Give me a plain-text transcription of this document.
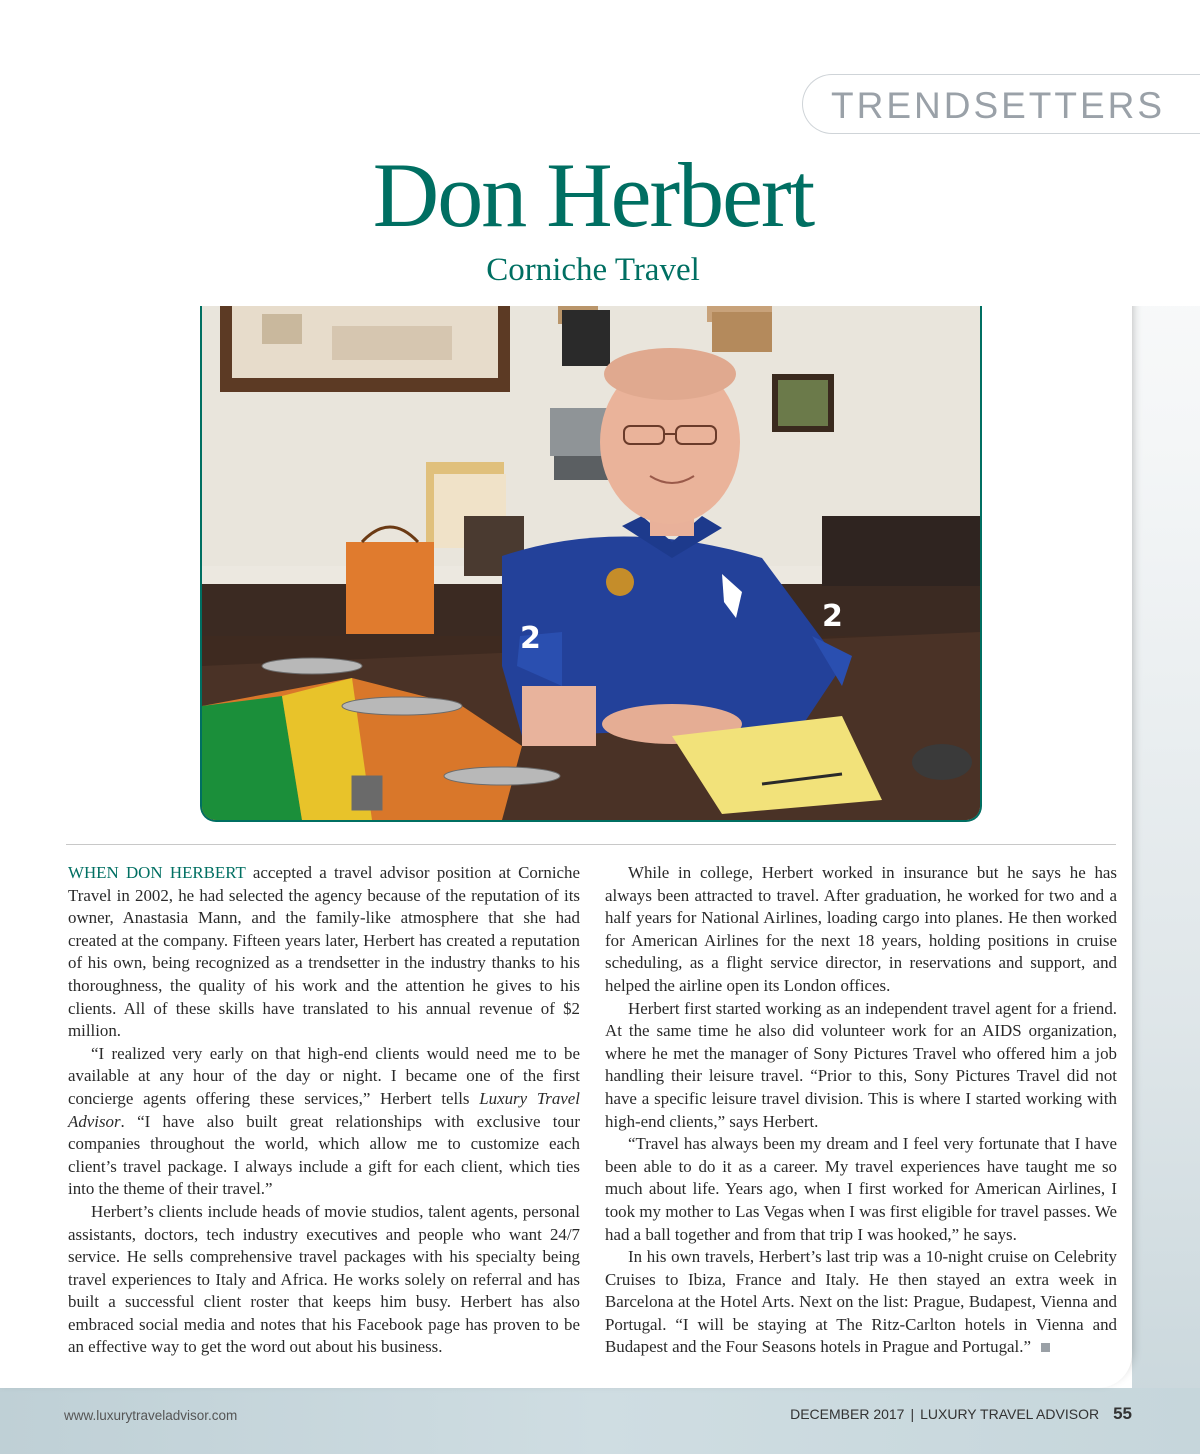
TRENDSETTERS
Don Herbert
Corniche Travel
2
2

WHEN DON HERBERT accepted a travel advisor position at Corniche Travel in 2002, he had selected the agency because of the reputation of its owner, Anastasia Mann, and the family-like atmosphere that she had created at the company. Fifteen years later, Herbert has created a reputation of his own, being recognized as a trendsetter in the industry thanks to his thoroughness, the quality of his work and the attention he gives to his clients. All of these skills have translated to his annual revenue of $2 million.

“I realized very early on that high-end clients would need me to be available at any hour of the day or night. I became one of the first concierge agents offering these services,” Herbert tells Luxury Travel Advisor. “I have also built great relationships with exclusive tour companies throughout the world, which allow me to customize each client’s travel package. I always include a gift for each client, which ties into the theme of their travel.”

Herbert’s clients include heads of movie studios, talent agents, personal assistants, doctors, tech industry executives and people who want 24/7 service. He sells comprehensive travel packages with his specialty being travel experiences to Italy and Africa. He works solely on referral and has built a successful client roster that keeps him busy. Herbert has also embraced social media and notes that his Facebook page has proven to be an effective way to get the word out about his business.

While in college, Herbert worked in insurance but he says he has always been attracted to travel. After graduation, he worked for two and a half years for National Airlines, loading cargo into planes. He then worked for American Airlines for the next 18 years, holding positions in cruise scheduling, as a flight service director, in reservations and support, and helped the airline open its London offices.

Herbert first started working as an independent travel agent for a friend. At the same time he also did volunteer work for an AIDS organization, where he met the manager of Sony Pictures Travel who offered him a job handling their leisure travel. “Prior to this, Sony Pictures Travel did not have a specific leisure travel division. This is where I started working with high-end clients,” says Herbert.

“Travel has always been my dream and I feel very fortunate that I have been able to do it as a career. My travel experiences have taught me so much about life. Years ago, when I first worked for American Airlines, I took my mother to Las Vegas when I was first eligible for travel passes. We had a ball together and from that trip I was hooked,” he says.

In his own travels, Herbert’s last trip was a 10-night cruise on Celebrity Cruises to Ibiza, France and Italy. He then stayed an extra week in Barcelona at the Hotel Arts. Next on the list: Prague, Budapest, Vienna and Portugal. “I will be staying at The Ritz-Carlton hotels in Vienna and Budapest and the Four Seasons hotels in Prague and Portugal.”

www.luxurytraveladvisor.com	DECEMBER 2017 | LUXURY TRAVEL ADVISOR 55
